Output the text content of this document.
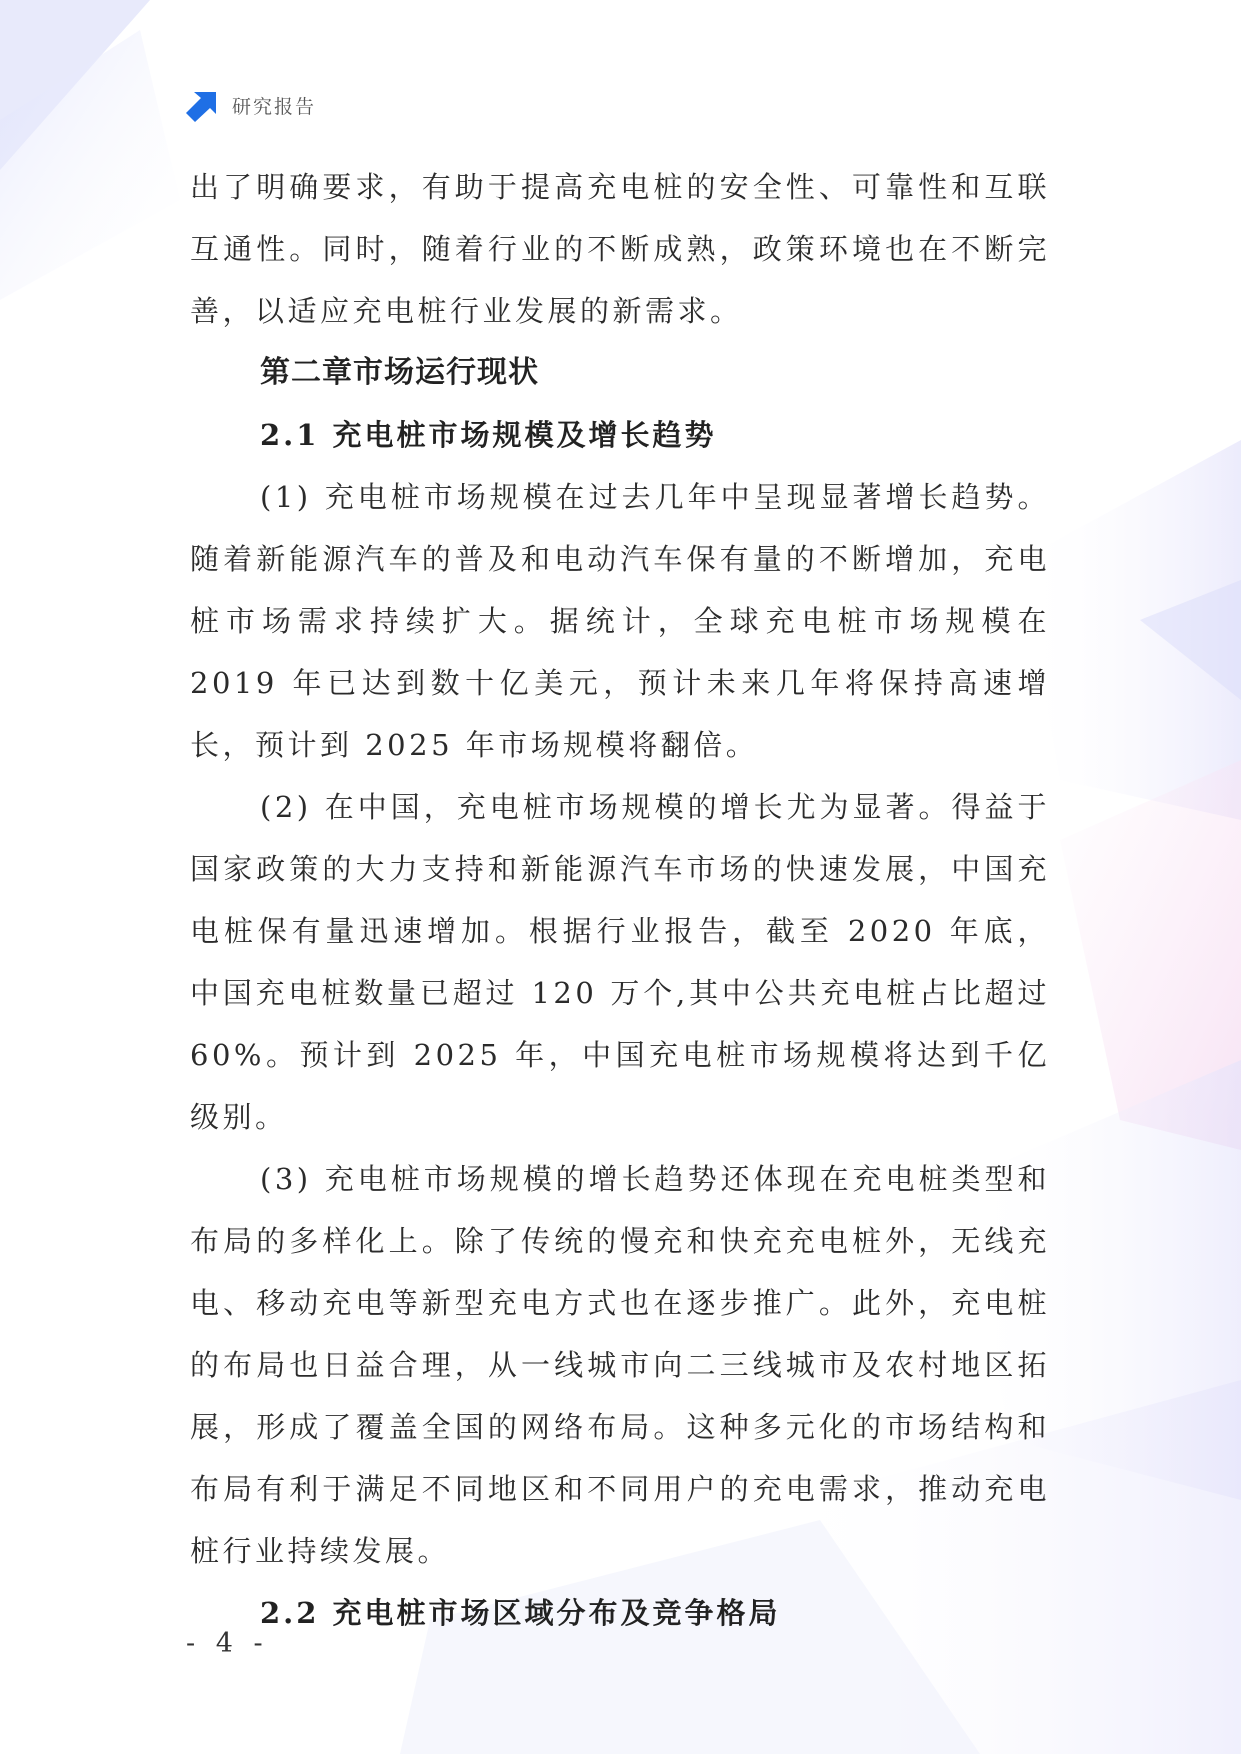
研究报告

出了明确要求，有助于提高充电桩的安全性、可靠性和互联互通性。同时，随着行业的不断成熟，政策环境也在不断完善，以适应充电桩行业发展的新需求。

第二章市场运行现状
2.1 充电桩市场规模及增长趋势

(1) 充电桩市场规模在过去几年中呈现显著增长趋势。随着新能源汽车的普及和电动汽车保有量的不断增加，充电桩市场需求持续扩大。据统计，全球充电桩市场规模在 2019 年已达到数十亿美元，预计未来几年将保持高速增长，预计到 2025 年市场规模将翻倍。

(2) 在中国，充电桩市场规模的增长尤为显著。得益于国家政策的大力支持和新能源汽车市场的快速发展，中国充电桩保有量迅速增加。根据行业报告，截至 2020 年底，中国充电桩数量已超过 120 万个,其中公共充电桩占比超过 60%。预计到 2025 年，中国充电桩市场规模将达到千亿级别。

(3) 充电桩市场规模的增长趋势还体现在充电桩类型和布局的多样化上。除了传统的慢充和快充充电桩外，无线充电、移动充电等新型充电方式也在逐步推广。此外，充电桩的布局也日益合理，从一线城市向二三线城市及农村地区拓展，形成了覆盖全国的网络布局。这种多元化的市场结构和布局有利于满足不同地区和不同用户的充电需求，推动充电桩行业持续发展。

2.2 充电桩市场区域分布及竞争格局
- 4 -
